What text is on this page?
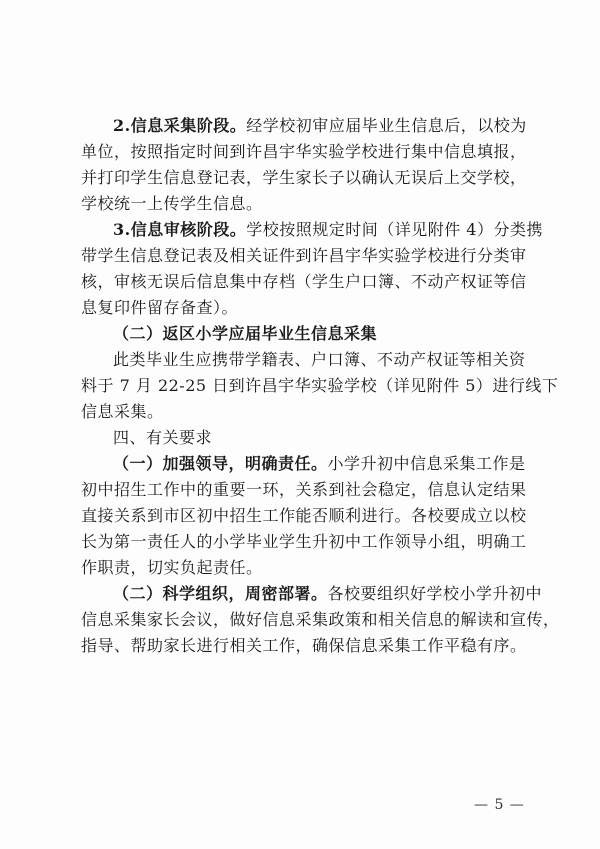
2.信息采集阶段。经学校初审应届毕业生信息后，以校为
单位，按照指定时间到许昌宇华实验学校进行集中信息填报，
并打印学生信息登记表，学生家长子以确认无误后上交学校，
学校统一上传学生信息。
3.信息审核阶段。学校按照规定时间（详见附件 4）分类携
带学生信息登记表及相关证件到许昌宇华实验学校进行分类审
核，审核无误后信息集中存档（学生户口簿、不动产权证等信
息复印件留存备查）。
（二）返区小学应届毕业生信息采集
此类毕业生应携带学籍表、户口簿、不动产权证等相关资
料于 7 月 22-25 日到许昌宇华实验学校（详见附件 5）进行线下
信息采集。
四、有关要求
（一）加强领导，明确责任。小学升初中信息采集工作是
初中招生工作中的重要一环，关系到社会稳定，信息认定结果
直接关系到市区初中招生工作能否顺利进行。各校要成立以校
长为第一责任人的小学毕业学生升初中工作领导小组，明确工
作职责，切实负起责任。
（二）科学组织，周密部署。各校要组织好学校小学升初中
信息采集家长会议，做好信息采集政策和相关信息的解读和宣传，
指导、帮助家长进行相关工作，确保信息采集工作平稳有序。
— 5 —
